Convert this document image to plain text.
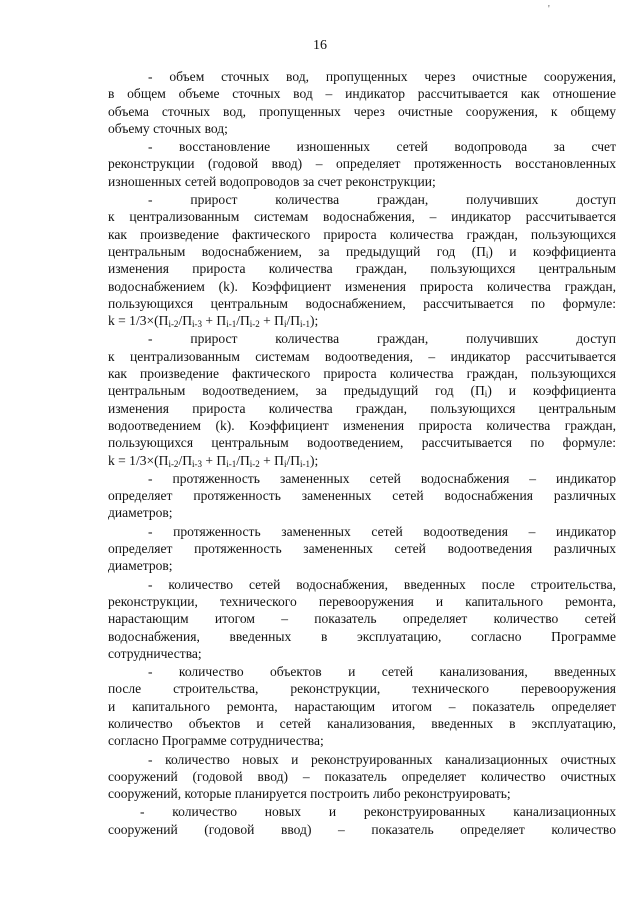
'
16
- объем сточных вод, пропущенных через очистные сооружения,
в общем объеме сточных вод – индикатор рассчитывается как отношение
объема сточных вод, пропущенных через очистные сооружения, к общему
объему сточных вод;
- восстановление изношенных сетей водопровода за счет
реконструкции (годовой ввод) – определяет протяженность восстановленных
изношенных сетей водопроводов за счет реконструкции;
- прирост количества граждан, получивших доступ
к централизованным системам водоснабжения, – индикатор рассчитывается
как произведение фактического прироста количества граждан, пользующихся
центральным водоснабжением, за предыдущий год $(П_i)$ и коэффициента
изменения прироста количества граждан, пользующихся центральным
водоснабжением (k). Коэффициент изменения прироста количества граждан,
пользующихся центральным водоснабжением, рассчитывается по формуле:
$k = 1/3\times(П_{i-2}/П_{i-3} + П_{i-1}/П_{i-2} + П_i/П_{i-1})$;
- прирост количества граждан, получивших доступ
к централизованным системам водоотведения, – индикатор рассчитывается
как произведение фактического прироста количества граждан, пользующихся
центральным водоотведением, за предыдущий год $(П_i)$ и коэффициента
изменения прироста количества граждан, пользующихся центральным
водоотведением (k). Коэффициент изменения прироста количества граждан,
пользующихся центральным водоотведением, рассчитывается по формуле:
$k = 1/3\times(П_{i-2}/П_{i-3} + П_{i-1}/П_{i-2} + П_i/П_{i-1})$;
- протяженность замененных сетей водоснабжения – индикатор
определяет протяженность замененных сетей водоснабжения различных
диаметров;
- протяженность замененных сетей водоотведения – индикатор
определяет протяженность замененных сетей водоотведения различных
диаметров;
- количество сетей водоснабжения, введенных после строительства,
реконструкции, технического перевооружения и капитального ремонта,
нарастающим итогом – показатель определяет количество сетей
водоснабжения, введенных в эксплуатацию, согласно Программе
сотрудничества;
- количество объектов и сетей канализования, введенных
после строительства, реконструкции, технического перевооружения
и капитального ремонта, нарастающим итогом – показатель определяет
количество объектов и сетей канализования, введенных в эксплуатацию,
согласно Программе сотрудничества;
- количество новых и реконструированных канализационных очистных
сооружений (годовой ввод) – показатель определяет количество очистных
сооружений, которые планируется построить либо реконструировать;
- количество новых и реконструированных канализационных
сооружений (годовой ввод) – показатель определяет количество
